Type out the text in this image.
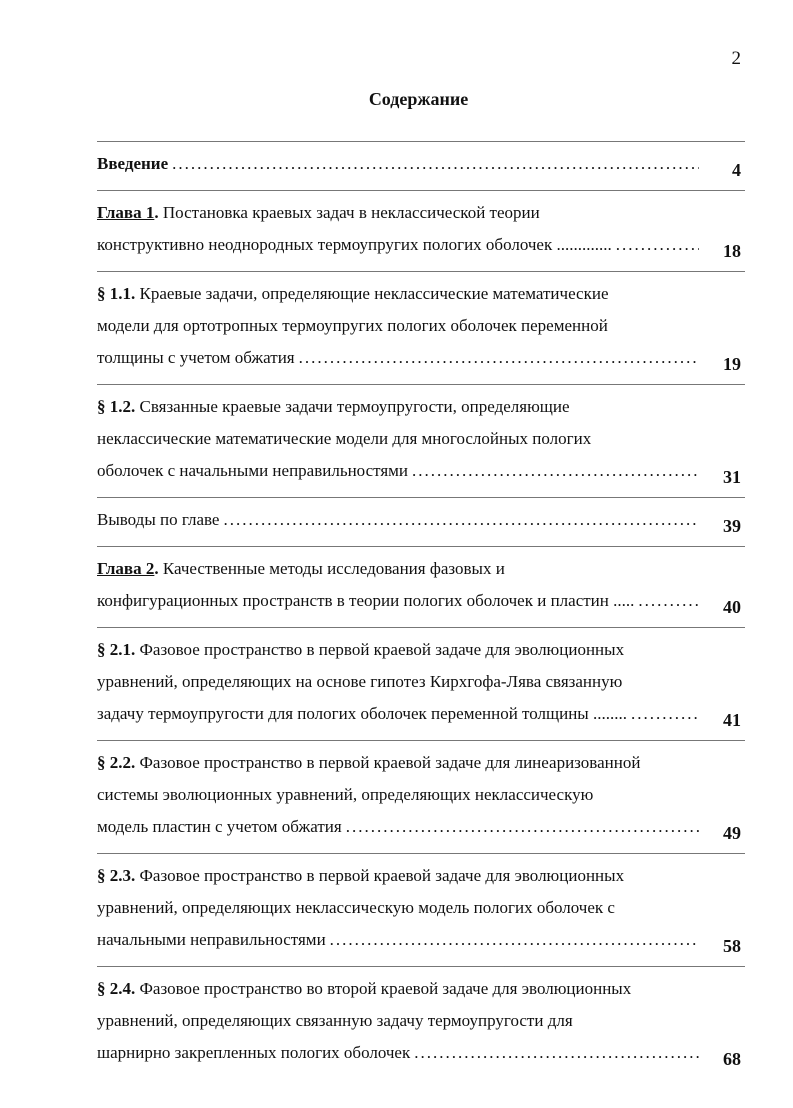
2
Содержание
Введение .....	4
Глава 1. Постановка краевых задач в неклассической теории
конструктивно неоднородных термоупругих пологих оболочек ............. .....	18
§ 1.1. Краевые задачи, определяющие неклассические математические
модели для ортотропных термоупругих пологих оболочек переменной
толщины с учетом обжатия .....	19
§ 1.2. Связанные краевые задачи термоупругости, определяющие
неклассические математические модели для многослойных пологих
оболочек с начальными неправильностями .....	31
Выводы по главе .....	39
Глава 2. Качественные методы исследования фазовых и
конфигурационных пространств в теории пологих оболочек и пластин ..... .....	40
§ 2.1. Фазовое пространство в первой краевой задаче для эволюционных
уравнений, определяющих на основе гипотез Кирхгофа-Лява связанную
задачу термоупругости для пологих оболочек переменной толщины ........ .....	41
§ 2.2. Фазовое пространство в первой краевой задаче для линеаризованной
системы эволюционных уравнений, определяющих неклассическую
модель пластин с учетом обжатия .....	49
§ 2.3. Фазовое пространство в первой краевой задаче для эволюционных
уравнений, определяющих неклассическую модель пологих оболочек с
начальными неправильностями .....	58
§ 2.4. Фазовое пространство во второй краевой задаче для эволюционных
уравнений, определяющих связанную задачу термоупругости для
шарнирно закрепленных пологих оболочек .....	68
